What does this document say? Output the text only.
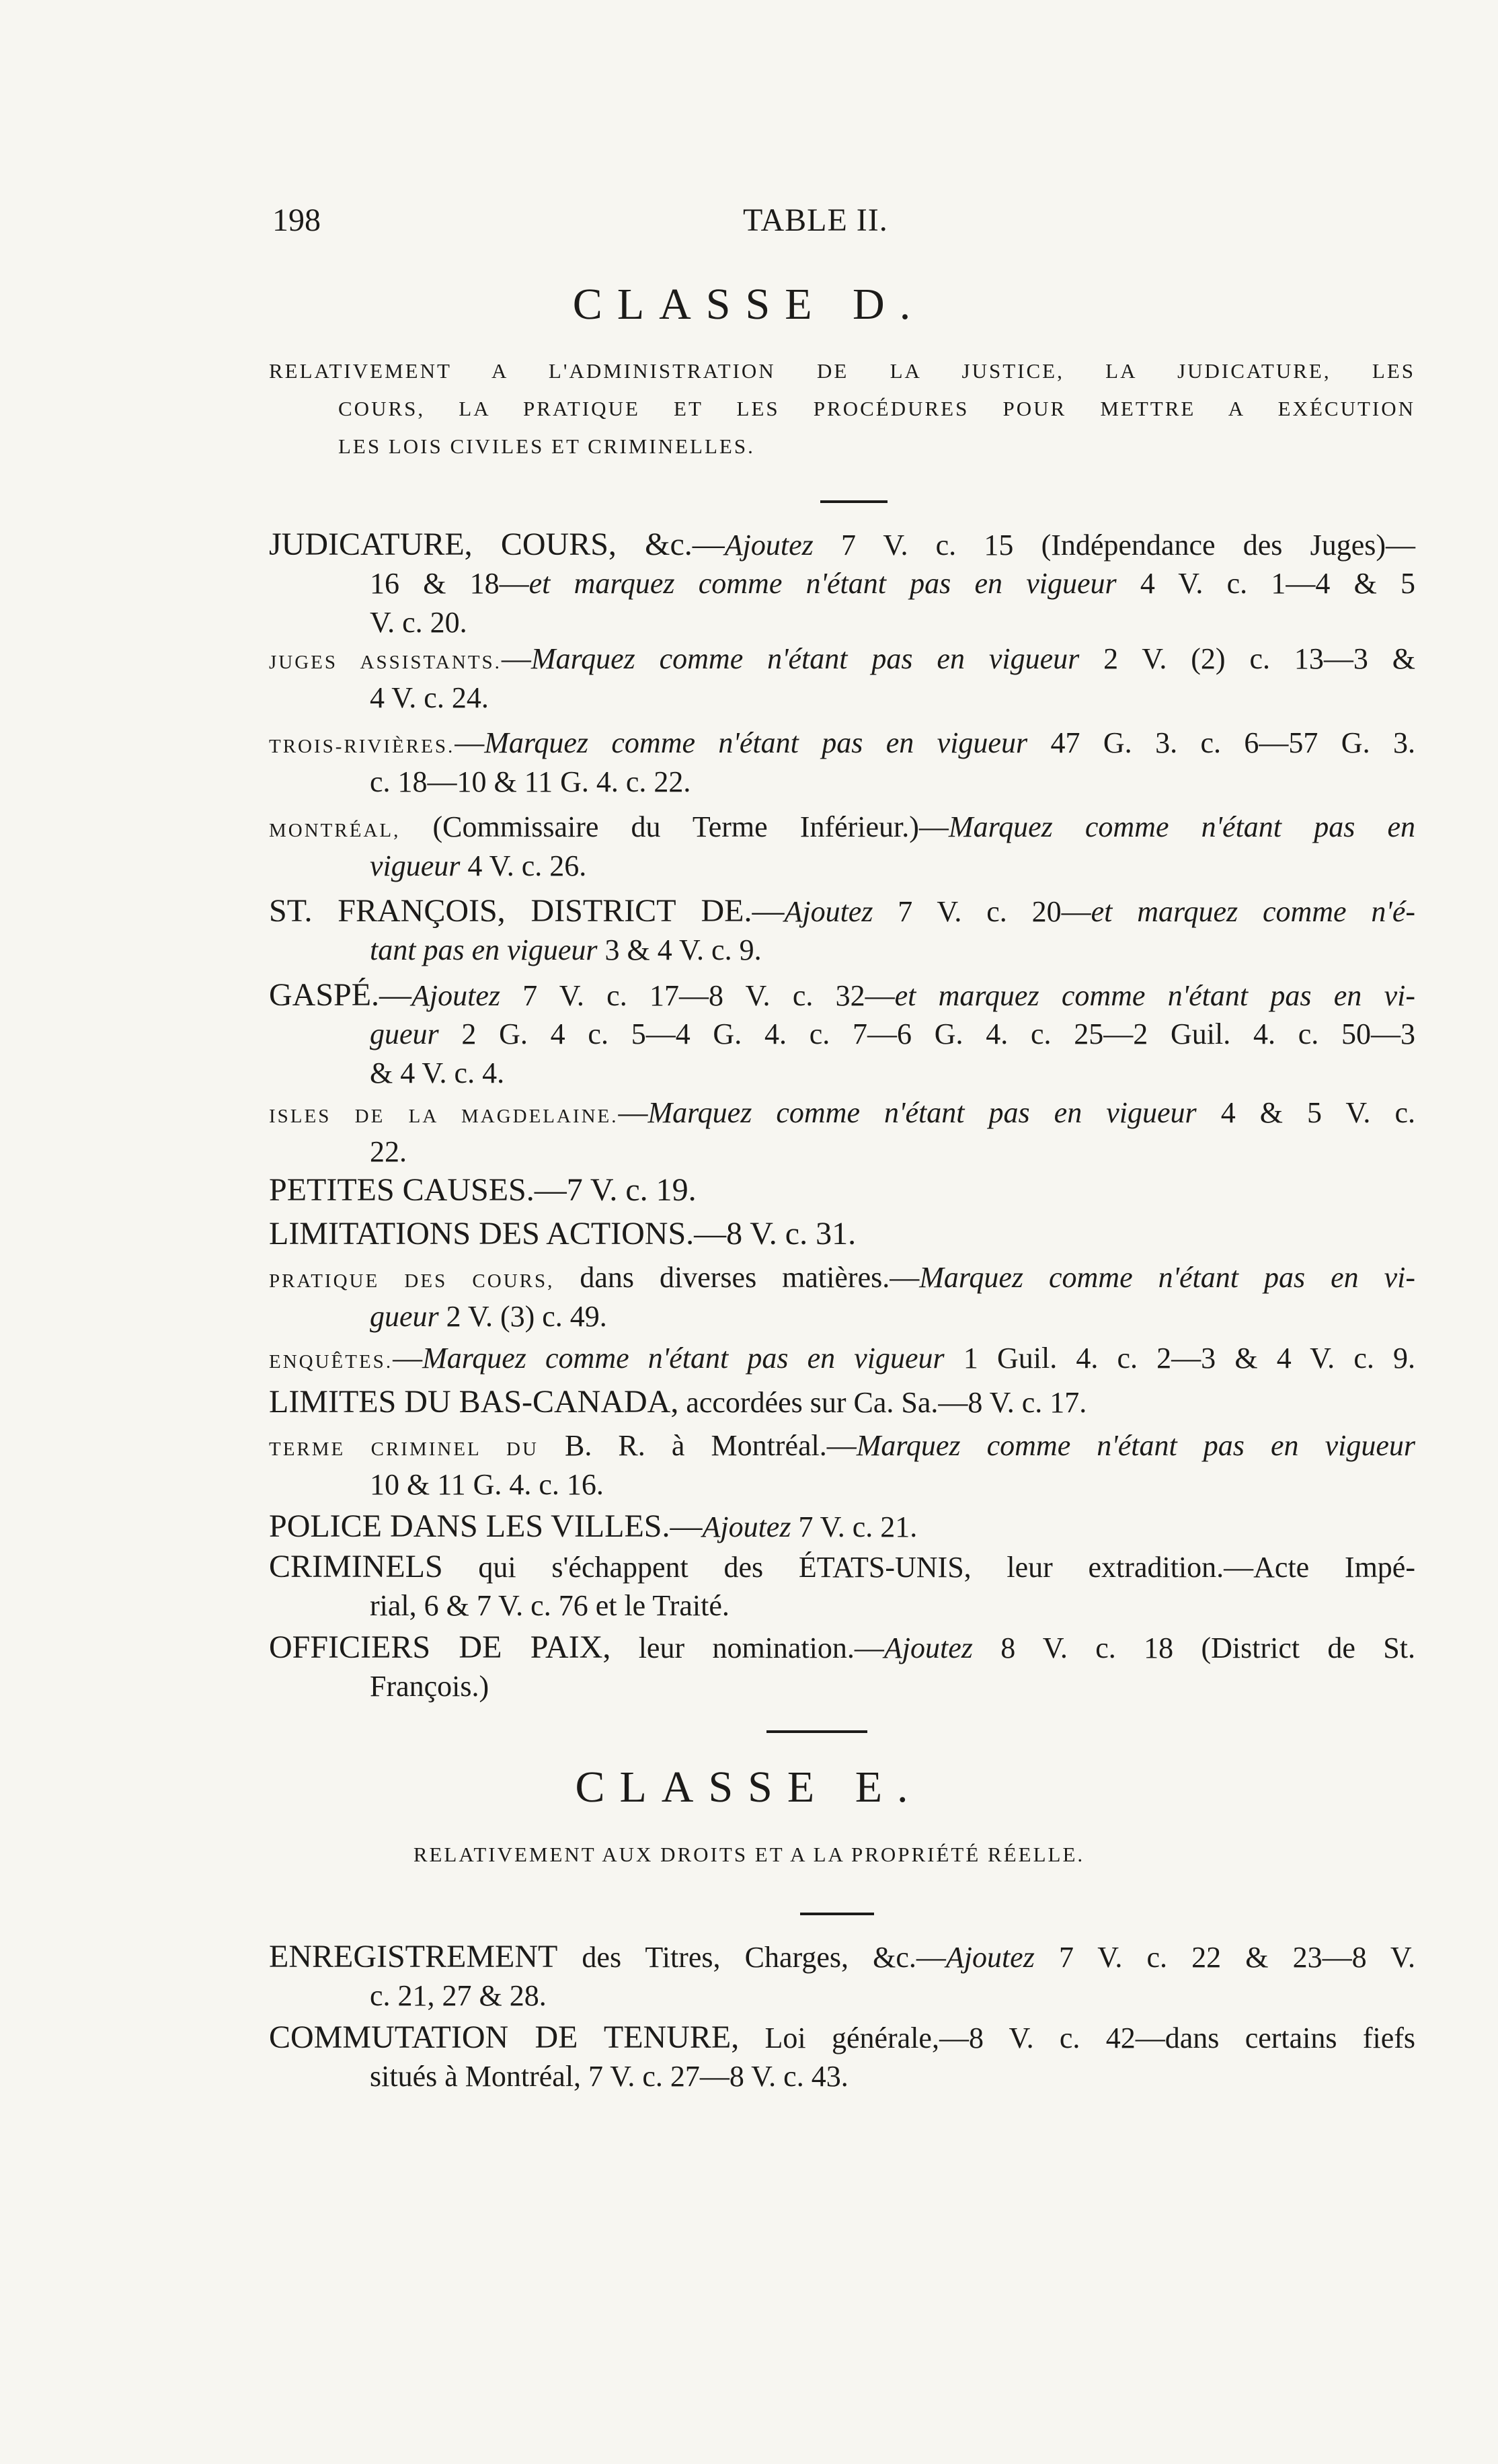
198	TABLE II.
CLASSE D.
RELATIVEMENT A L'ADMINISTRATION DE LA JUSTICE, LA JUDICATURE, LES
COURS, LA PRATIQUE ET LES PROCÉDURES POUR METTRE A EXÉCUTION
LES LOIS CIVILES ET CRIMINELLES.
JUDICATURE, COURS, &c.—Ajoutez 7 V. c. 15 (Indépendance des Juges)—
16 & 18—et marquez comme n'étant pas en vigueur 4 V. c. 1—4 & 5
V. c. 20.
JUGES ASSISTANTS.—Marquez comme n'étant pas en vigueur 2 V. (2) c. 13—3 &
4 V. c. 24.
TROIS-RIVIÈRES.—Marquez comme n'étant pas en vigueur 47 G. 3. c. 6—57 G. 3.
c. 18—10 & 11 G. 4. c. 22.
MONTRÉAL, (Commissaire du Terme Inférieur.)—Marquez comme n'étant pas en
vigueur 4 V. c. 26.
ST. FRANÇOIS, DISTRICT DE.—Ajoutez 7 V. c. 20—et marquez comme n'é-
tant pas en vigueur 3 & 4 V. c. 9.
GASPÉ.—Ajoutez 7 V. c. 17—8 V. c. 32—et marquez comme n'étant pas en vi-
gueur 2 G. 4 c. 5—4 G. 4. c. 7—6 G. 4. c. 25—2 Guil. 4. c. 50—3
& 4 V. c. 4.
ISLES DE LA MAGDELAINE.—Marquez comme n'étant pas en vigueur 4 & 5 V. c.
22.
PETITES CAUSES.—7 V. c. 19.
LIMITATIONS DES ACTIONS.—8 V. c. 31.
PRATIQUE DES COURS, dans diverses matières.—Marquez comme n'étant pas en vi-
gueur 2 V. (3) c. 49.
ENQUÊTES.—Marquez comme n'étant pas en vigueur 1 Guil. 4. c. 2—3 & 4 V. c. 9.
LIMITES DU BAS-CANADA, accordées sur Ca. Sa.—8 V. c. 17.
TERME CRIMINEL DU B. R. à Montréal.—Marquez comme n'étant pas en vigueur
10 & 11 G. 4. c. 16.
POLICE DANS LES VILLES.—Ajoutez 7 V. c. 21.
CRIMINELS qui s'échappent des ÉTATS-UNIS, leur extradition.—Acte Impé-
rial, 6 & 7 V. c. 76 et le Traité.
OFFICIERS DE PAIX, leur nomination.—Ajoutez 8 V. c. 18 (District de St.
François.)
CLASSE E.
RELATIVEMENT AUX DROITS ET A LA PROPRIÉTÉ RÉELLE.
ENREGISTREMENT des Titres, Charges, &c.—Ajoutez 7 V. c. 22 & 23—8 V.
c. 21, 27 & 28.
COMMUTATION DE TENURE, Loi générale,—8 V. c. 42—dans certains fiefs
situés à Montréal, 7 V. c. 27—8 V. c. 43.
